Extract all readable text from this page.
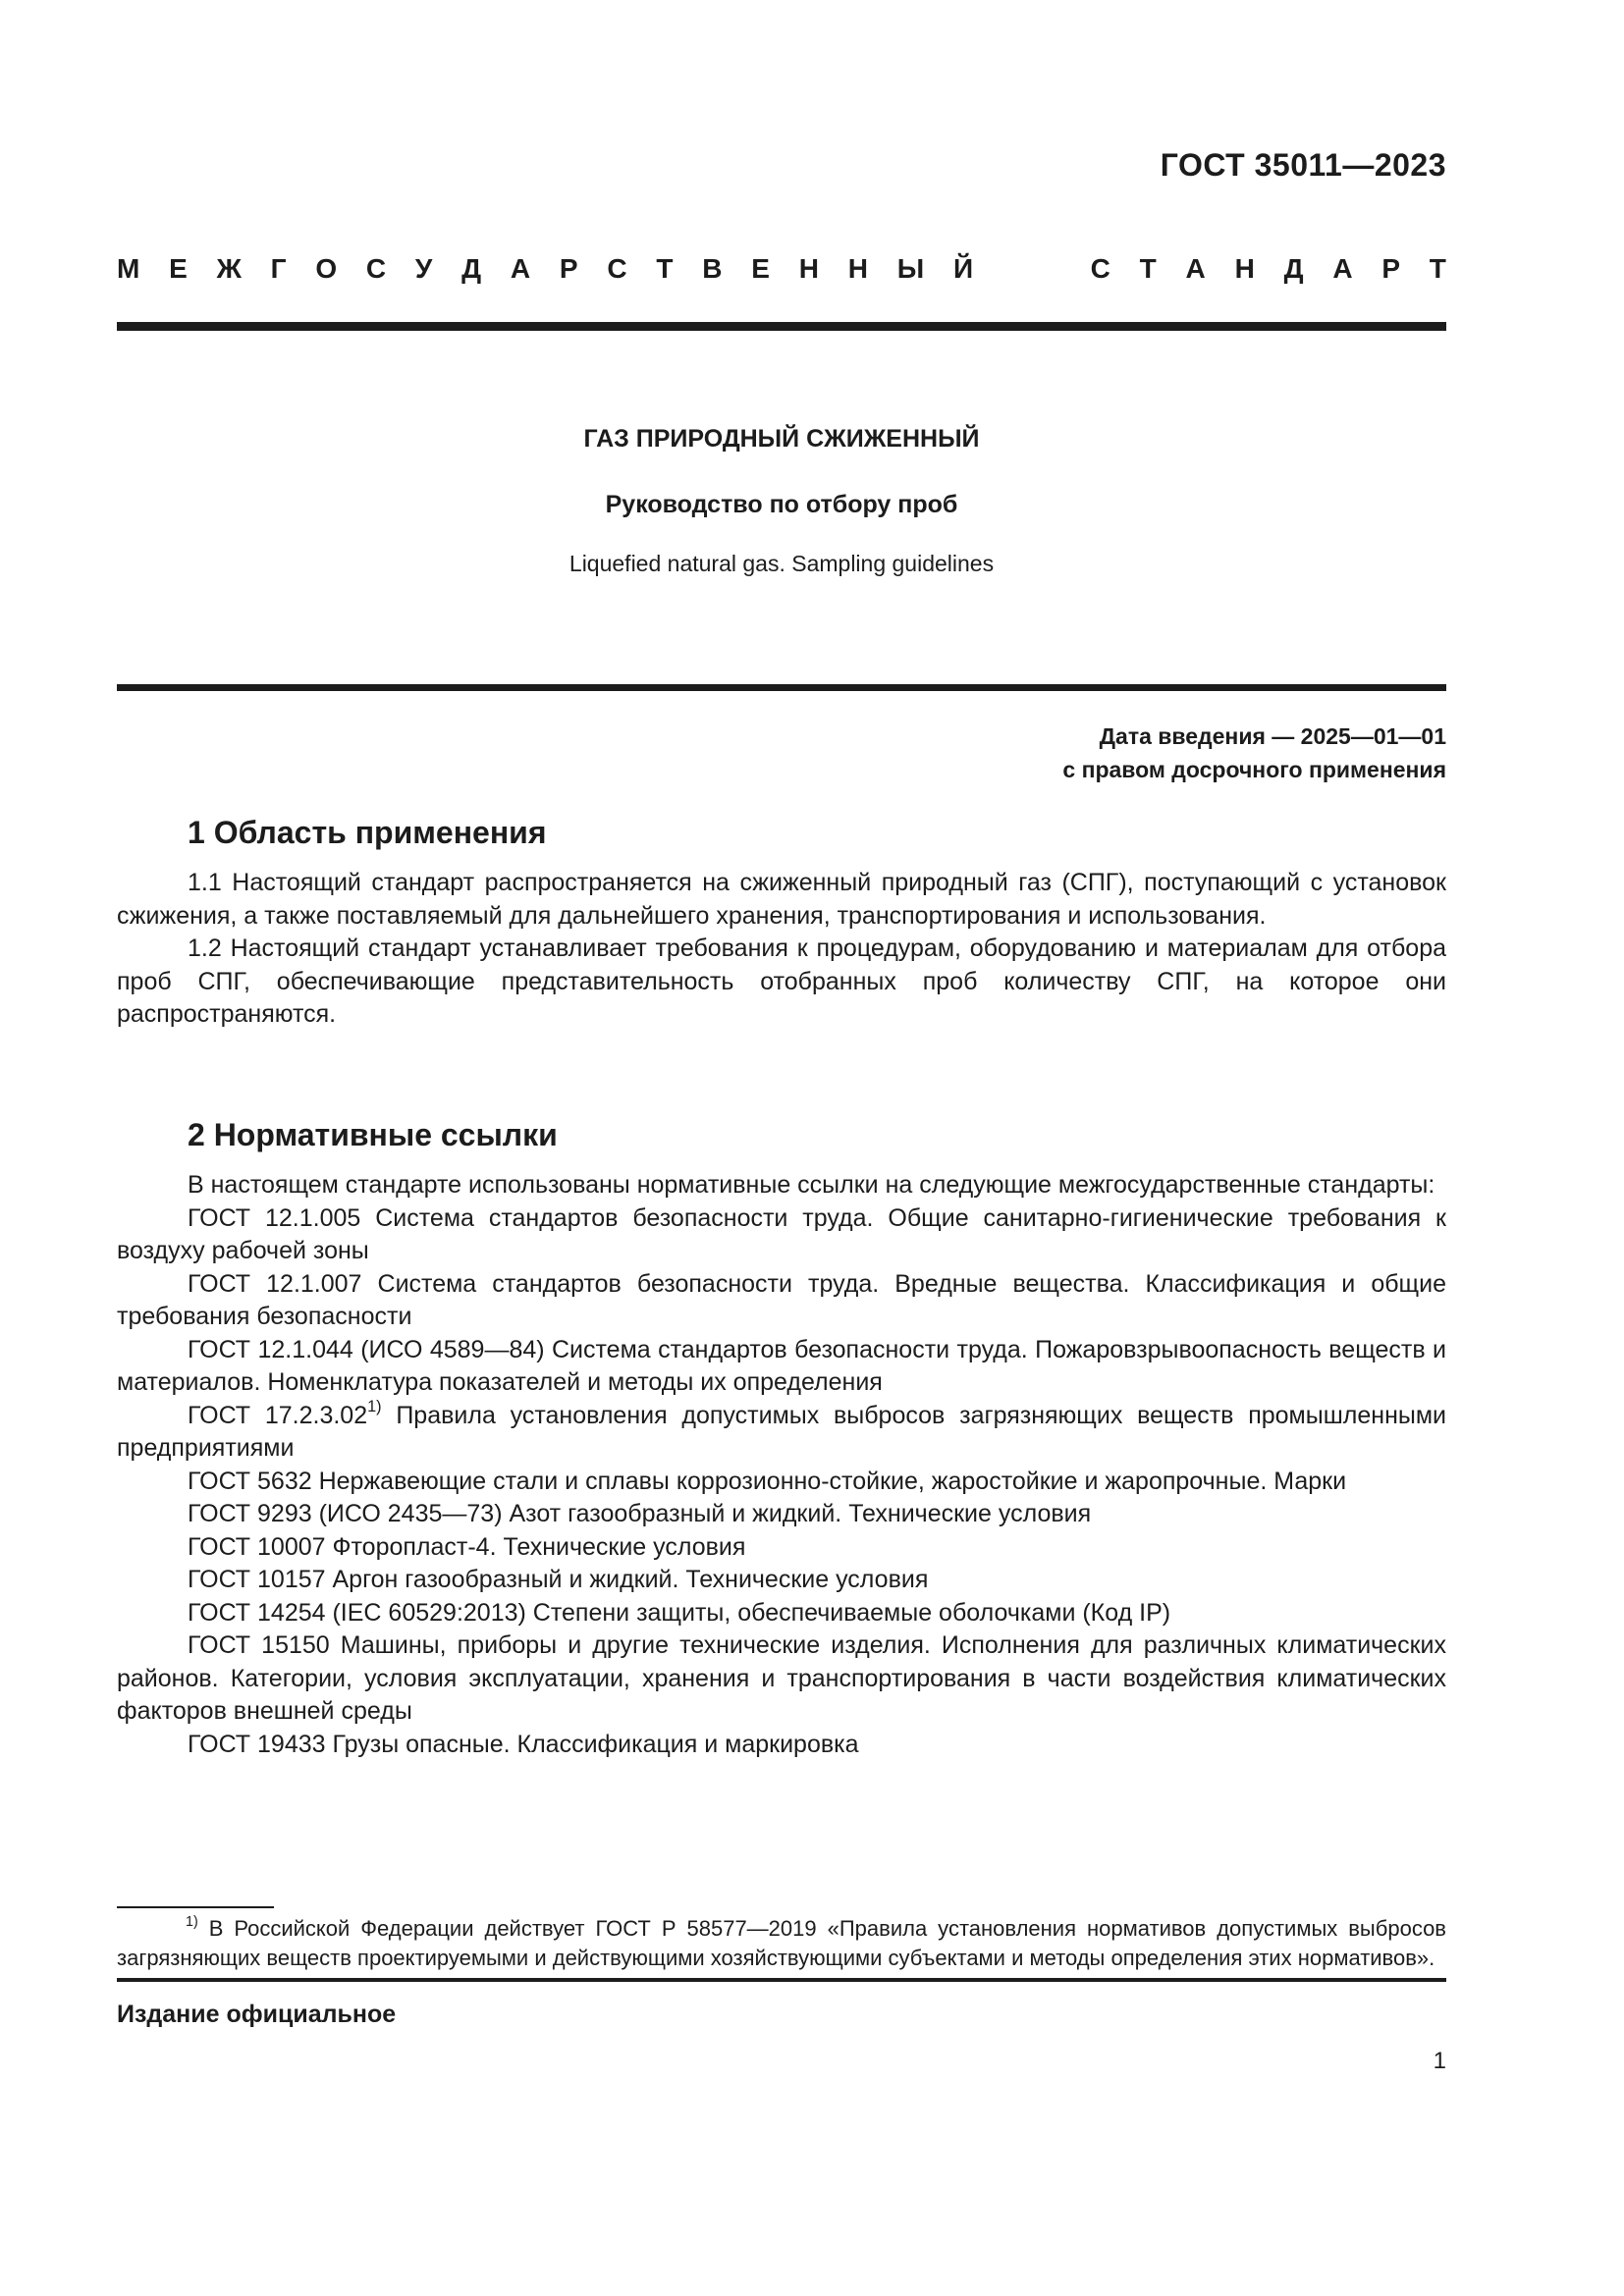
ГОСТ 35011—2023

М Е Ж Г О С У Д А Р С Т В Е Н Н Ы Й	С Т А Н Д А Р Т

ГАЗ ПРИРОДНЫЙ СЖИЖЕННЫЙ

Руководство по отбору проб

Liquefied natural gas. Sampling guidelines

Дата введения — 2025—01—01
с правом досрочного применения
1 Область применения

1.1 Настоящий стандарт распространяется на сжиженный природный газ (СПГ), поступающий с установок сжижения, а также поставляемый для дальнейшего хранения, транспортирования и использования.

1.2 Настоящий стандарт устанавливает требования к процедурам, оборудованию и материалам для отбора проб СПГ, обеспечивающие представительность отобранных проб количеству СПГ, на которое они распространяются.

2 Нормативные ссылки

В настоящем стандарте использованы нормативные ссылки на следующие межгосударственные стандарты:

ГОСТ 12.1.005 Система стандартов безопасности труда. Общие санитарно-гигиенические требования к воздуху рабочей зоны

ГОСТ 12.1.007 Система стандартов безопасности труда. Вредные вещества. Классификация и общие требования безопасности

ГОСТ 12.1.044 (ИСО 4589—84) Система стандартов безопасности труда. Пожаровзрывоопасность веществ и материалов. Номенклатура показателей и методы их определения

ГОСТ 17.2.3.02$^{1)}$ Правила установления допустимых выбросов загрязняющих веществ промышленными предприятиями

ГОСТ 5632 Нержавеющие стали и сплавы коррозионно-стойкие, жаростойкие и жаропрочные. Марки

ГОСТ 9293 (ИСО 2435—73) Азот газообразный и жидкий. Технические условия

ГОСТ 10007 Фторопласт-4. Технические условия

ГОСТ 10157 Аргон газообразный и жидкий. Технические условия

ГОСТ 14254 (IEC 60529:2013) Степени защиты, обеспечиваемые оболочками (Код IP)

ГОСТ 15150 Машины, приборы и другие технические изделия. Исполнения для различных климатических районов. Категории, условия эксплуатации, хранения и транспортирования в части воздействия климатических факторов внешней среды

ГОСТ 19433 Грузы опасные. Классификация и маркировка

$^{1)}$ В Российской Федерации действует ГОСТ Р 58577—2019 «Правила установления нормативов допустимых выбросов загрязняющих веществ проектируемыми и действующими хозяйствующими субъектами и методы определения этих нормативов».

Издание официальное

1
